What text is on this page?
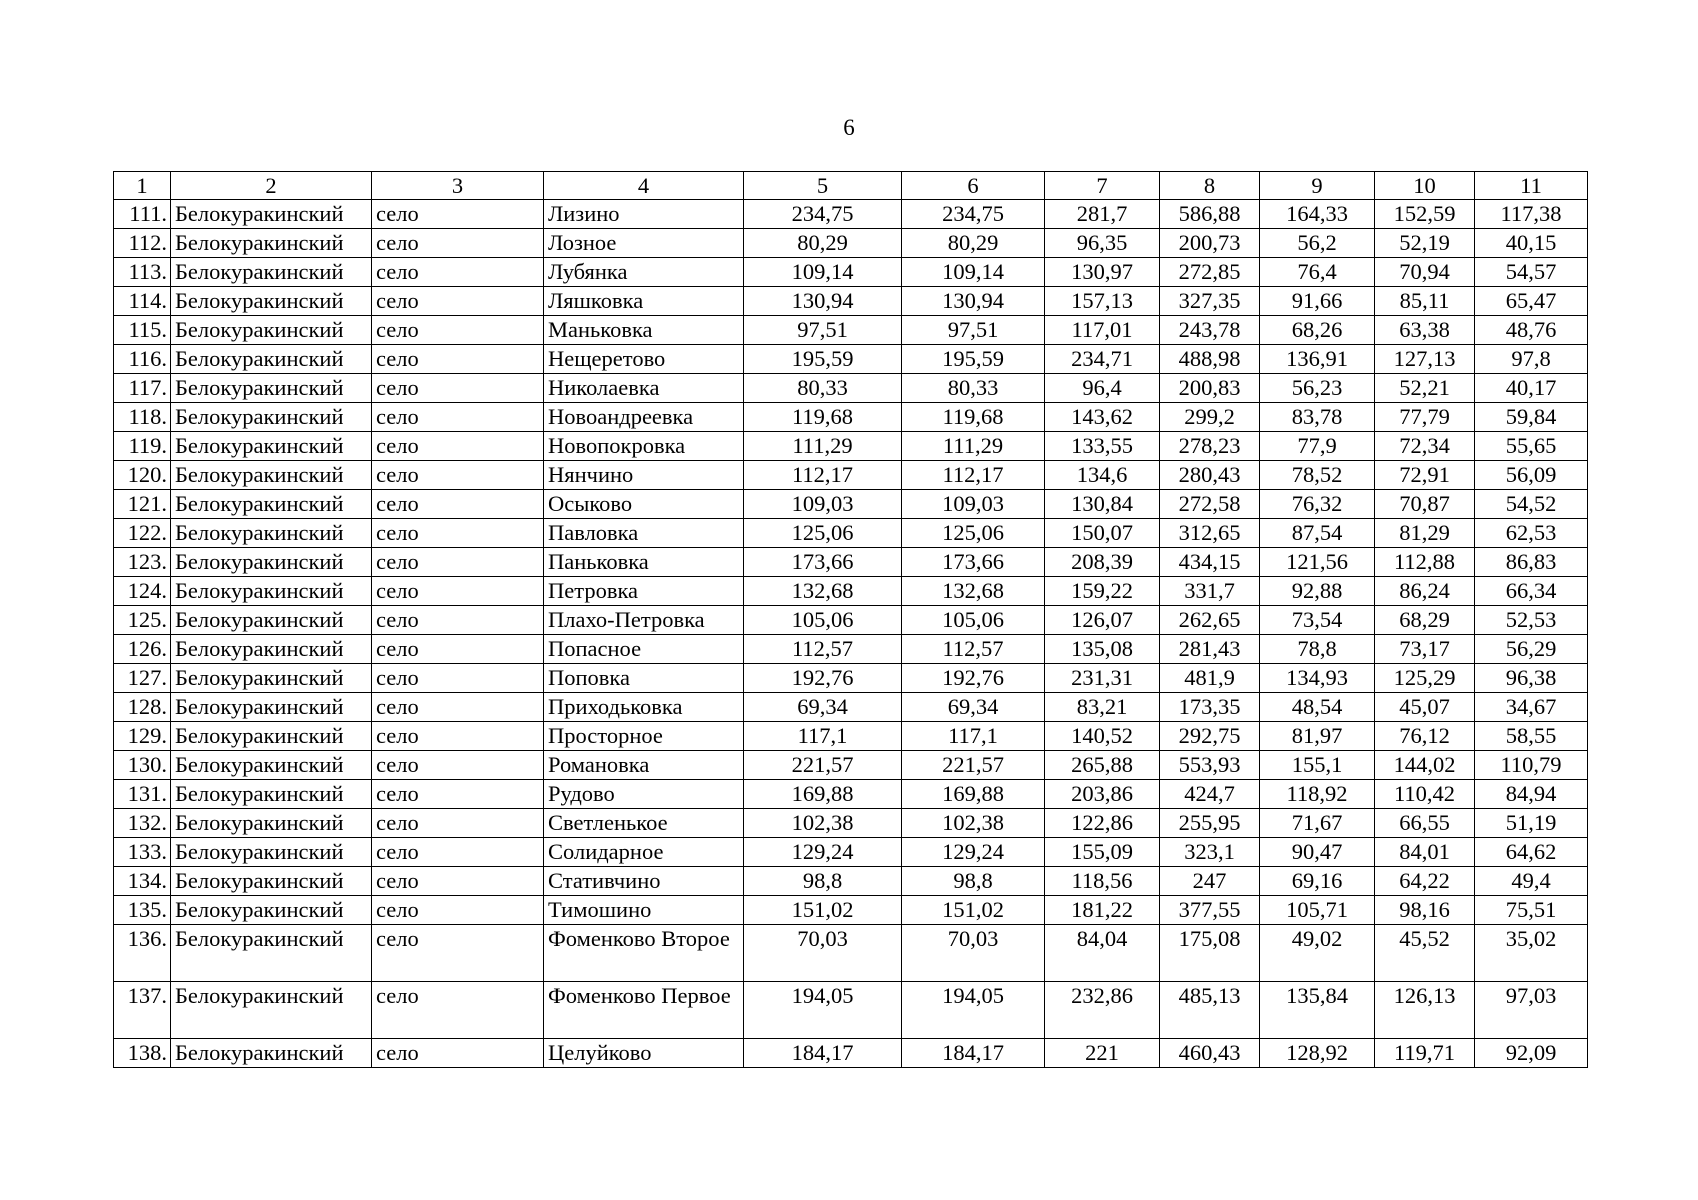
6
1	2	3	4	5	6	7	8	9	10	11
111.	Белокуракинский	село	Лизино	234,75	234,75	281,7	586,88	164,33	152,59	117,38
112.	Белокуракинский	село	Лозное	80,29	80,29	96,35	200,73	56,2	52,19	40,15
113.	Белокуракинский	село	Лубянка	109,14	109,14	130,97	272,85	76,4	70,94	54,57
114.	Белокуракинский	село	Ляшковка	130,94	130,94	157,13	327,35	91,66	85,11	65,47
115.	Белокуракинский	село	Маньковка	97,51	97,51	117,01	243,78	68,26	63,38	48,76
116.	Белокуракинский	село	Нещеретово	195,59	195,59	234,71	488,98	136,91	127,13	97,8
117.	Белокуракинский	село	Николаевка	80,33	80,33	96,4	200,83	56,23	52,21	40,17
118.	Белокуракинский	село	Новоандреевка	119,68	119,68	143,62	299,2	83,78	77,79	59,84
119.	Белокуракинский	село	Новопокровка	111,29	111,29	133,55	278,23	77,9	72,34	55,65
120.	Белокуракинский	село	Нянчино	112,17	112,17	134,6	280,43	78,52	72,91	56,09
121.	Белокуракинский	село	Осыково	109,03	109,03	130,84	272,58	76,32	70,87	54,52
122.	Белокуракинский	село	Павловка	125,06	125,06	150,07	312,65	87,54	81,29	62,53
123.	Белокуракинский	село	Паньковка	173,66	173,66	208,39	434,15	121,56	112,88	86,83
124.	Белокуракинский	село	Петровка	132,68	132,68	159,22	331,7	92,88	86,24	66,34
125.	Белокуракинский	село	Плахо-Петровка	105,06	105,06	126,07	262,65	73,54	68,29	52,53
126.	Белокуракинский	село	Попасное	112,57	112,57	135,08	281,43	78,8	73,17	56,29
127.	Белокуракинский	село	Поповка	192,76	192,76	231,31	481,9	134,93	125,29	96,38
128.	Белокуракинский	село	Приходьковка	69,34	69,34	83,21	173,35	48,54	45,07	34,67
129.	Белокуракинский	село	Просторное	117,1	117,1	140,52	292,75	81,97	76,12	58,55
130.	Белокуракинский	село	Романовка	221,57	221,57	265,88	553,93	155,1	144,02	110,79
131.	Белокуракинский	село	Рудово	169,88	169,88	203,86	424,7	118,92	110,42	84,94
132.	Белокуракинский	село	Светленькое	102,38	102,38	122,86	255,95	71,67	66,55	51,19
133.	Белокуракинский	село	Солидарное	129,24	129,24	155,09	323,1	90,47	84,01	64,62
134.	Белокуракинский	село	Стативчино	98,8	98,8	118,56	247	69,16	64,22	49,4
135.	Белокуракинский	село	Тимошино	151,02	151,02	181,22	377,55	105,71	98,16	75,51
136.	Белокуракинский	село	Фоменково Второе	70,03	70,03	84,04	175,08	49,02	45,52	35,02
137.	Белокуракинский	село	Фоменково Первое	194,05	194,05	232,86	485,13	135,84	126,13	97,03
138.	Белокуракинский	село	Целуйково	184,17	184,17	221	460,43	128,92	119,71	92,09
